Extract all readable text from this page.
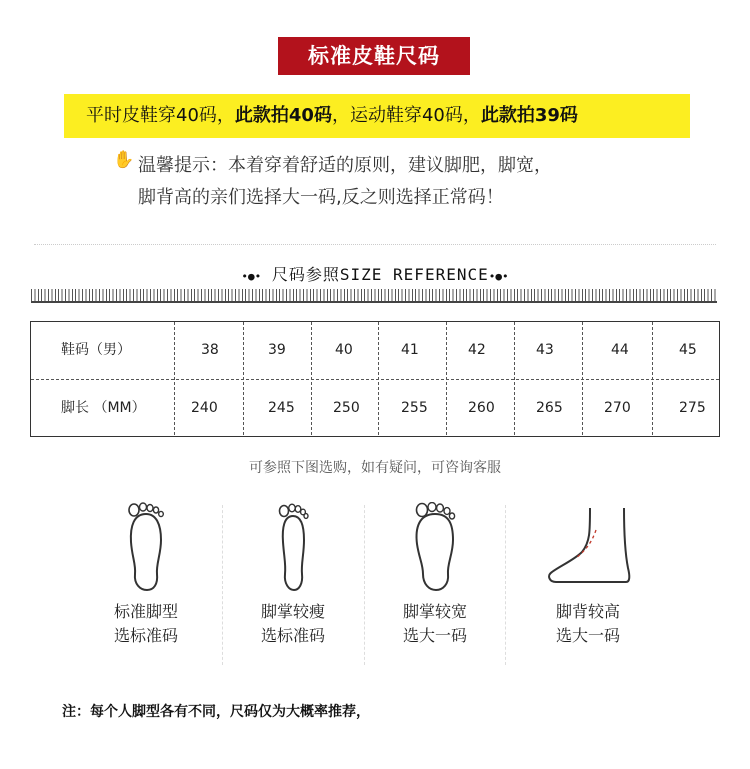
标准皮鞋尺码
平时皮鞋穿40码，此款拍40码，运动鞋穿40码，此款拍39码
✋ 温馨提示：本着穿着舒适的原则，建议脚肥，脚宽，
脚背高的亲们选择大一码,反之则选择正常码！
•●• 尺码参照SIZE REFERENCE•●•
鞋码（男）	38	39	40	41	42	43	44	45
脚长 （MM）	240	245	250	255	260	265	270	275
可参照下图选购，如有疑问，可咨询客服
标准脚型
选标准码
脚掌较瘦
选标准码
脚掌较宽
选大一码
脚背较高
选大一码
注：每个人脚型各有不同，尺码仅为大概率推荐，
